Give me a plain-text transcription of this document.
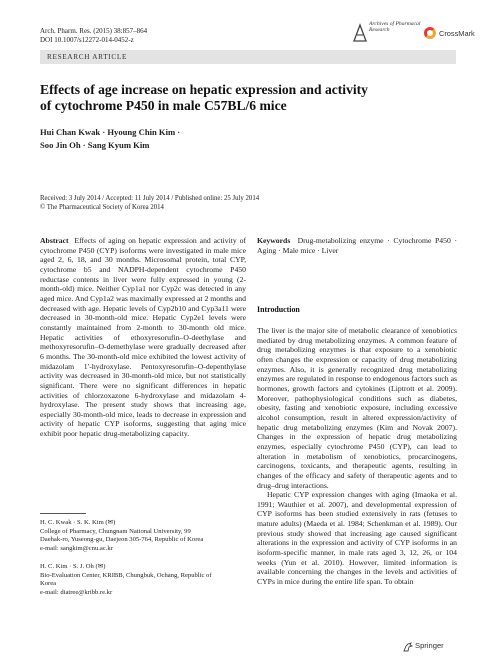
Arch. Pharm. Res. (2015) 38:857–864
DOI 10.1007/s12272-014-0452-z
Archives of Pharmacal Research	CrossMark
RESEARCH ARTICLE
Effects of age increase on hepatic expression and activity
of cytochrome P450 in male C57BL/6 mice
Hui Chan Kwak · Hyoung Chin Kim ·
Soo Jin Oh · Sang Kyum Kim
Received: 3 July 2014 / Accepted: 11 July 2014 / Published online: 25 July 2014
© The Pharmaceutical Society of Korea 2014
Abstract Effects of aging on hepatic expression and activity of cytochrome P450 (CYP) isoforms were investigated in male mice aged 2, 6, 18, and 30 months. Microsomal protein, total CYP, cytochrome b5 and NADPH-dependent cytochrome P450 reductase contents in liver were fully expressed in young (2-month-old) mice. Neither Cyp1a1 nor Cyp2c was detected in any aged mice. And Cyp1a2 was maximally expressed at 2 months and decreased with age. Hepatic levels of Cyp2b10 and Cyp3a11 were decreased in 30-month-old mice. Hepatic Cyp2e1 levels were constantly maintained from 2-month to 30-month old mice. Hepatic activities of ethoxyresorufin–O-deethylase and methoxyresorufin–O-demethylase were gradually decreased after 6 months. The 30-month-old mice exhibited the lowest activity of midazolam 1′-hydroxylase. Pentoxyresorufin–O-depenthylase activity was decreased in 30-month-old mice, but not statistically significant. There were no significant differences in hepatic activities of chlorzoxazone 6-hydroxylase and midazolam 4-hydroxylase. The present study shows that increasing age, especially 30-month-old mice, leads to decrease in expression and activity of hepatic CYP isoforms, suggesting that aging mice exhibit poor hepatic drug-metabolizing capacity.
Keywords Drug-metabolizing enzyme · Cytochrome P450 · Aging · Male mice · Liver
Introduction

The liver is the major site of metabolic clearance of xenobiotics mediated by drug metabolizing enzymes. A common feature of drug metabolizing enzymes is that exposure to a xenobiotic often changes the expression or capacity of drug metabolizing enzymes. Also, it is generally recognized drug metabolizing enzymes are regulated in response to endogenous factors such as hormones, growth factors and cytokines (Liptrott et al. 2009). Moreover, pathophysiological conditions such as diabetes, obesity, fasting and xenobiotic exposure, including excessive alcohol consumption, result in altered expression/activity of hepatic drug metabolizing enzymes (Kim and Novak 2007). Changes in the expression of hepatic drug metabolizing enzymes, especially cytochrome P450 (CYP), can lead to alteration in metabolism of xenobiotics, procarcinogens, carcinogens, toxicants, and therapeutic agents, resulting in changes of the efficacy and safety of therapeutic agents and to drug–drug interactions.

Hepatic CYP expression changes with aging (Imaoka et al. 1991; Wauthier et al. 2007), and developmental expression of CYP isoforms has been studied extensively in rats (fetuses to mature adults) (Maeda et al. 1984; Schenkman et al. 1989). Our previous study showed that increasing age caused significant alterations in the expression and activity of CYP isoforms in an isoform-specific manner, in male rats aged 3, 12, 26, or 104 weeks (Yun et al. 2010). However, limited information is available concerning the changes in the levels and activities of CYPs in mice during the entire life span. To obtain

H. C. Kwak · S. K. Kim (✉)
College of Pharmacy, Chungnam National University, 99
Daehak-ro, Yuseong-gu, Daejeon 305-764, Republic of Korea
e-mail: sangkim@cnu.ac.kr

H. C. Kim · S. J. Oh (✉)
Bio-Evaluation Center, KRIBB, Chungbuk, Ochang, Republic of
Korea
e-mail: diatree@kribb.re.kr

Springer
